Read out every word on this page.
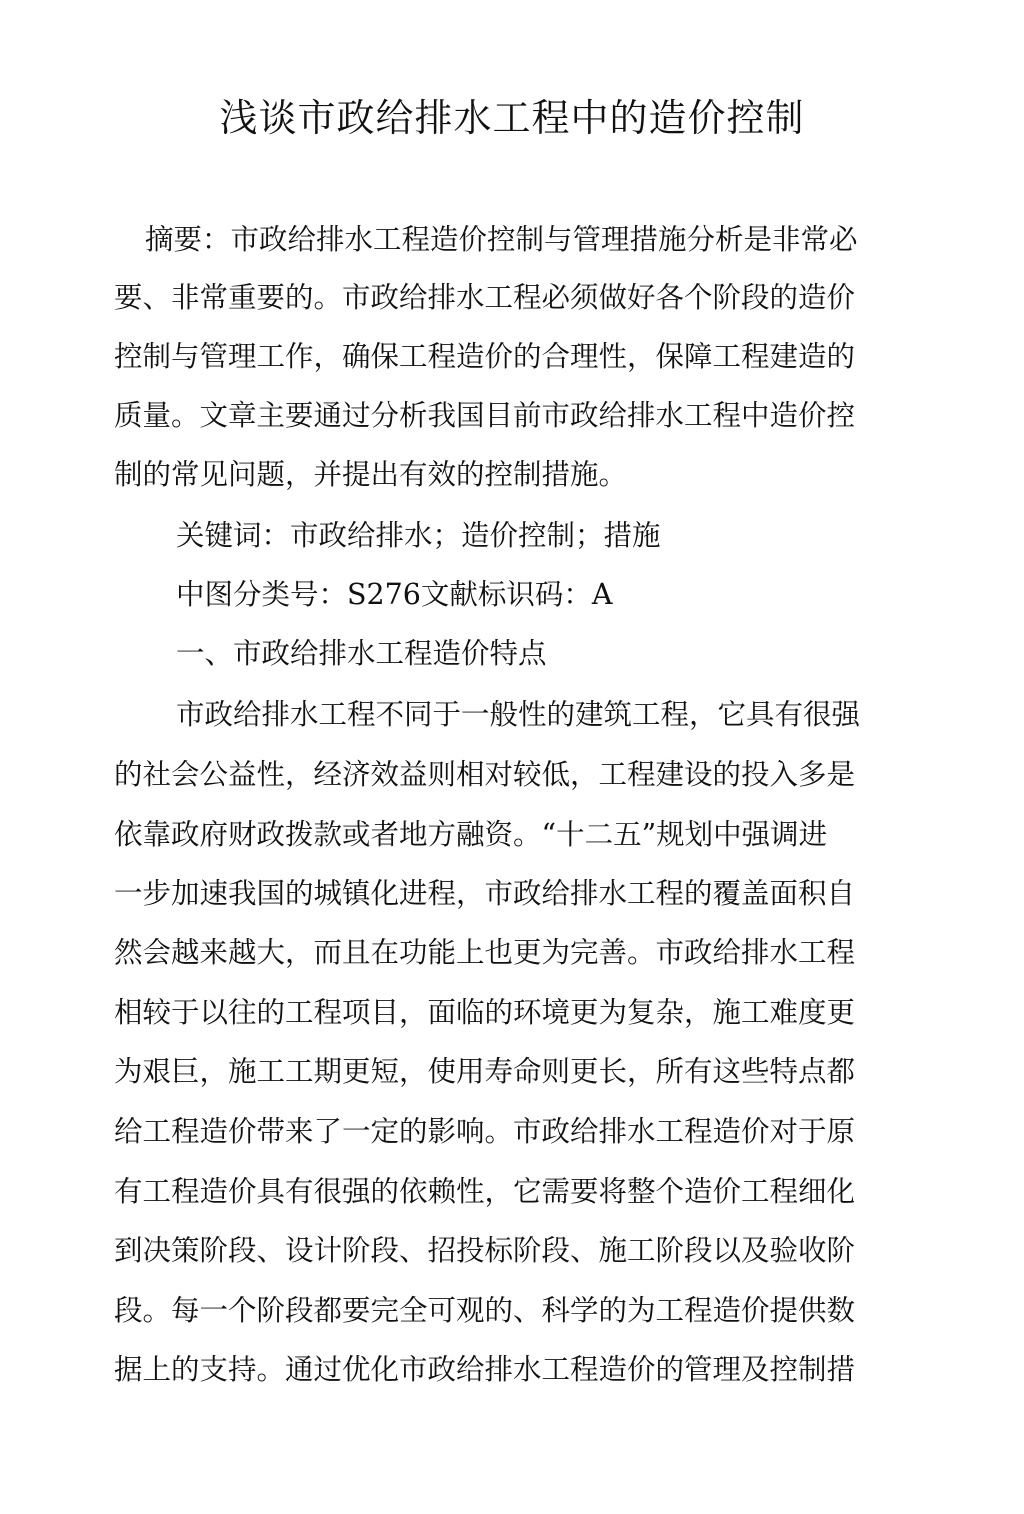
浅谈市政给排水工程中的造价控制
摘要：市政给排水工程造价控制与管理措施分析是非常必
要、非常重要的。市政给排水工程必须做好各个阶段的造价
控制与管理工作，确保工程造价的合理性，保障工程建造的
质量。文章主要通过分析我国目前市政给排水工程中造价控
制的常见问题，并提出有效的控制措施。
关键词：市政给排水；造价控制；措施
中图分类号：S276文献标识码：A
一、市政给排水工程造价特点
市政给排水工程不同于一般性的建筑工程，它具有很强
的社会公益性，经济效益则相对较低，工程建设的投入多是
依靠政府财政拨款或者地方融资。“十二五”规划中强调进
一步加速我国的城镇化进程，市政给排水工程的覆盖面积自
然会越来越大，而且在功能上也更为完善。市政给排水工程
相较于以往的工程项目，面临的环境更为复杂，施工难度更
为艰巨，施工工期更短，使用寿命则更长，所有这些特点都
给工程造价带来了一定的影响。市政给排水工程造价对于原
有工程造价具有很强的依赖性，它需要将整个造价工程细化
到决策阶段、设计阶段、招投标阶段、施工阶段以及验收阶
段。每一个阶段都要完全可观的、科学的为工程造价提供数
据上的支持。通过优化市政给排水工程造价的管理及控制措
